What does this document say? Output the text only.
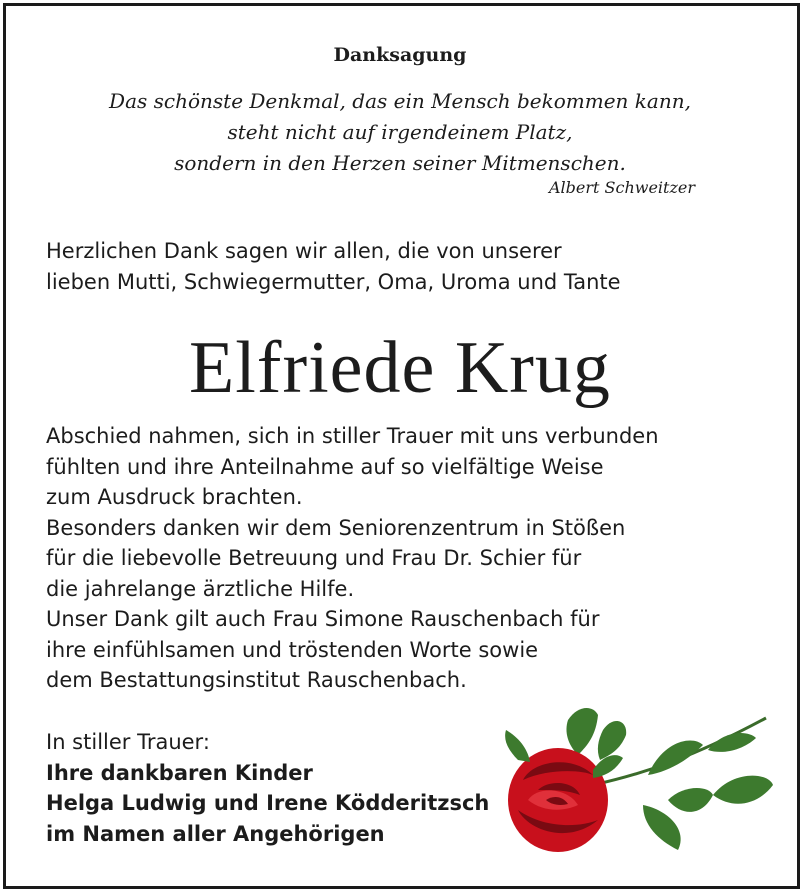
Danksagung
Das schönste Denkmal, das ein Mensch bekommen kann,
steht nicht auf irgendeinem Platz,
sondern in den Herzen seiner Mitmenschen.
Albert Schweitzer
Herzlichen Dank sagen wir allen, die von unserer
lieben Mutti, Schwiegermutter, Oma, Uroma und Tante
Elfriede Krug
Abschied nahmen, sich in stiller Trauer mit uns verbunden
fühlten und ihre Anteilnahme auf so vielfältige Weise
zum Ausdruck brachten.
Besonders danken wir dem Seniorenzentrum in Stößen
für die liebevolle Betreuung und Frau Dr. Schier für
die jahrelange ärztliche Hilfe.
Unser Dank gilt auch Frau Simone Rauschenbach für
ihre einfühlsamen und tröstenden Worte sowie
dem Bestattungsinstitut Rauschenbach.
In stiller Trauer:
Ihre dankbaren Kinder
Helga Ludwig und Irene Ködderitzsch
im Namen aller Angehörigen
